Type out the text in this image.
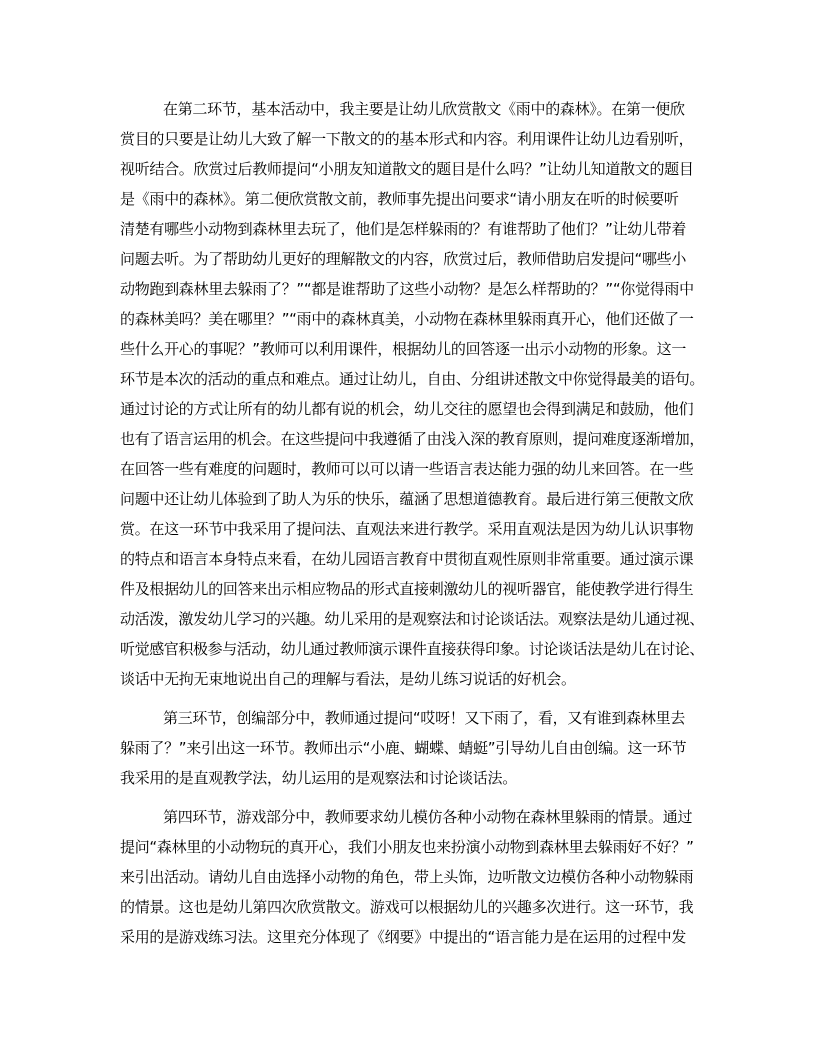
在第二环节，基本活动中，我主要是让幼儿欣赏散文《雨中的森林》。在第一便欣
赏目的只要是让幼儿大致了解一下散文的的基本形式和内容。利用课件让幼儿边看别听，
视听结合。欣赏过后教师提问“小朋友知道散文的题目是什么吗？”让幼儿知道散文的题目
是《雨中的森林》。第二便欣赏散文前，教师事先提出问要求“请小朋友在听的时候要听
清楚有哪些小动物到森林里去玩了，他们是怎样躲雨的？有谁帮助了他们？”让幼儿带着
问题去听。为了帮助幼儿更好的理解散文的内容，欣赏过后，教师借助启发提问“哪些小
动物跑到森林里去躲雨了？”“都是谁帮助了这些小动物？是怎么样帮助的？”“你觉得雨中
的森林美吗？美在哪里？”“雨中的森林真美，小动物在森林里躲雨真开心，他们还做了一
些什么开心的事呢？”教师可以利用课件，根据幼儿的回答逐一出示小动物的形象。这一
环节是本次的活动的重点和难点。通过让幼儿，自由、分组讲述散文中你觉得最美的语句。
通过讨论的方式让所有的幼儿都有说的机会，幼儿交往的愿望也会得到满足和鼓励，他们
也有了语言运用的机会。在这些提问中我遵循了由浅入深的教育原则，提问难度逐渐增加，
在回答一些有难度的问题时，教师可以可以请一些语言表达能力强的幼儿来回答。在一些
问题中还让幼儿体验到了助人为乐的快乐，蕴涵了思想道德教育。最后进行第三便散文欣
赏。在这一环节中我采用了提问法、直观法来进行教学。采用直观法是因为幼儿认识事物
的特点和语言本身特点来看，在幼儿园语言教育中贯彻直观性原则非常重要。通过演示课
件及根据幼儿的回答来出示相应物品的形式直接刺激幼儿的视听器官，能使教学进行得生
动活泼，激发幼儿学习的兴趣。幼儿采用的是观察法和讨论谈话法。观察法是幼儿通过视、
听觉感官积极参与活动，幼儿通过教师演示课件直接获得印象。讨论谈话法是幼儿在讨论、
谈话中无拘无束地说出自己的理解与看法，是幼儿练习说话的好机会。
第三环节，创编部分中，教师通过提问“哎呀！又下雨了，看，又有谁到森林里去
躲雨了？”来引出这一环节。教师出示“小鹿、蝴蝶、蜻蜓”引导幼儿自由创编。这一环节
我采用的是直观教学法，幼儿运用的是观察法和讨论谈话法。
第四环节，游戏部分中，教师要求幼儿模仿各种小动物在森林里躲雨的情景。通过
提问“森林里的小动物玩的真开心，我们小朋友也来扮演小动物到森林里去躲雨好不好？”
来引出活动。请幼儿自由选择小动物的角色，带上头饰，边听散文边模仿各种小动物躲雨
的情景。这也是幼儿第四次欣赏散文。游戏可以根据幼儿的兴趣多次进行。这一环节，我
采用的是游戏练习法。这里充分体现了《纲要》中提出的“语言能力是在运用的过程中发
